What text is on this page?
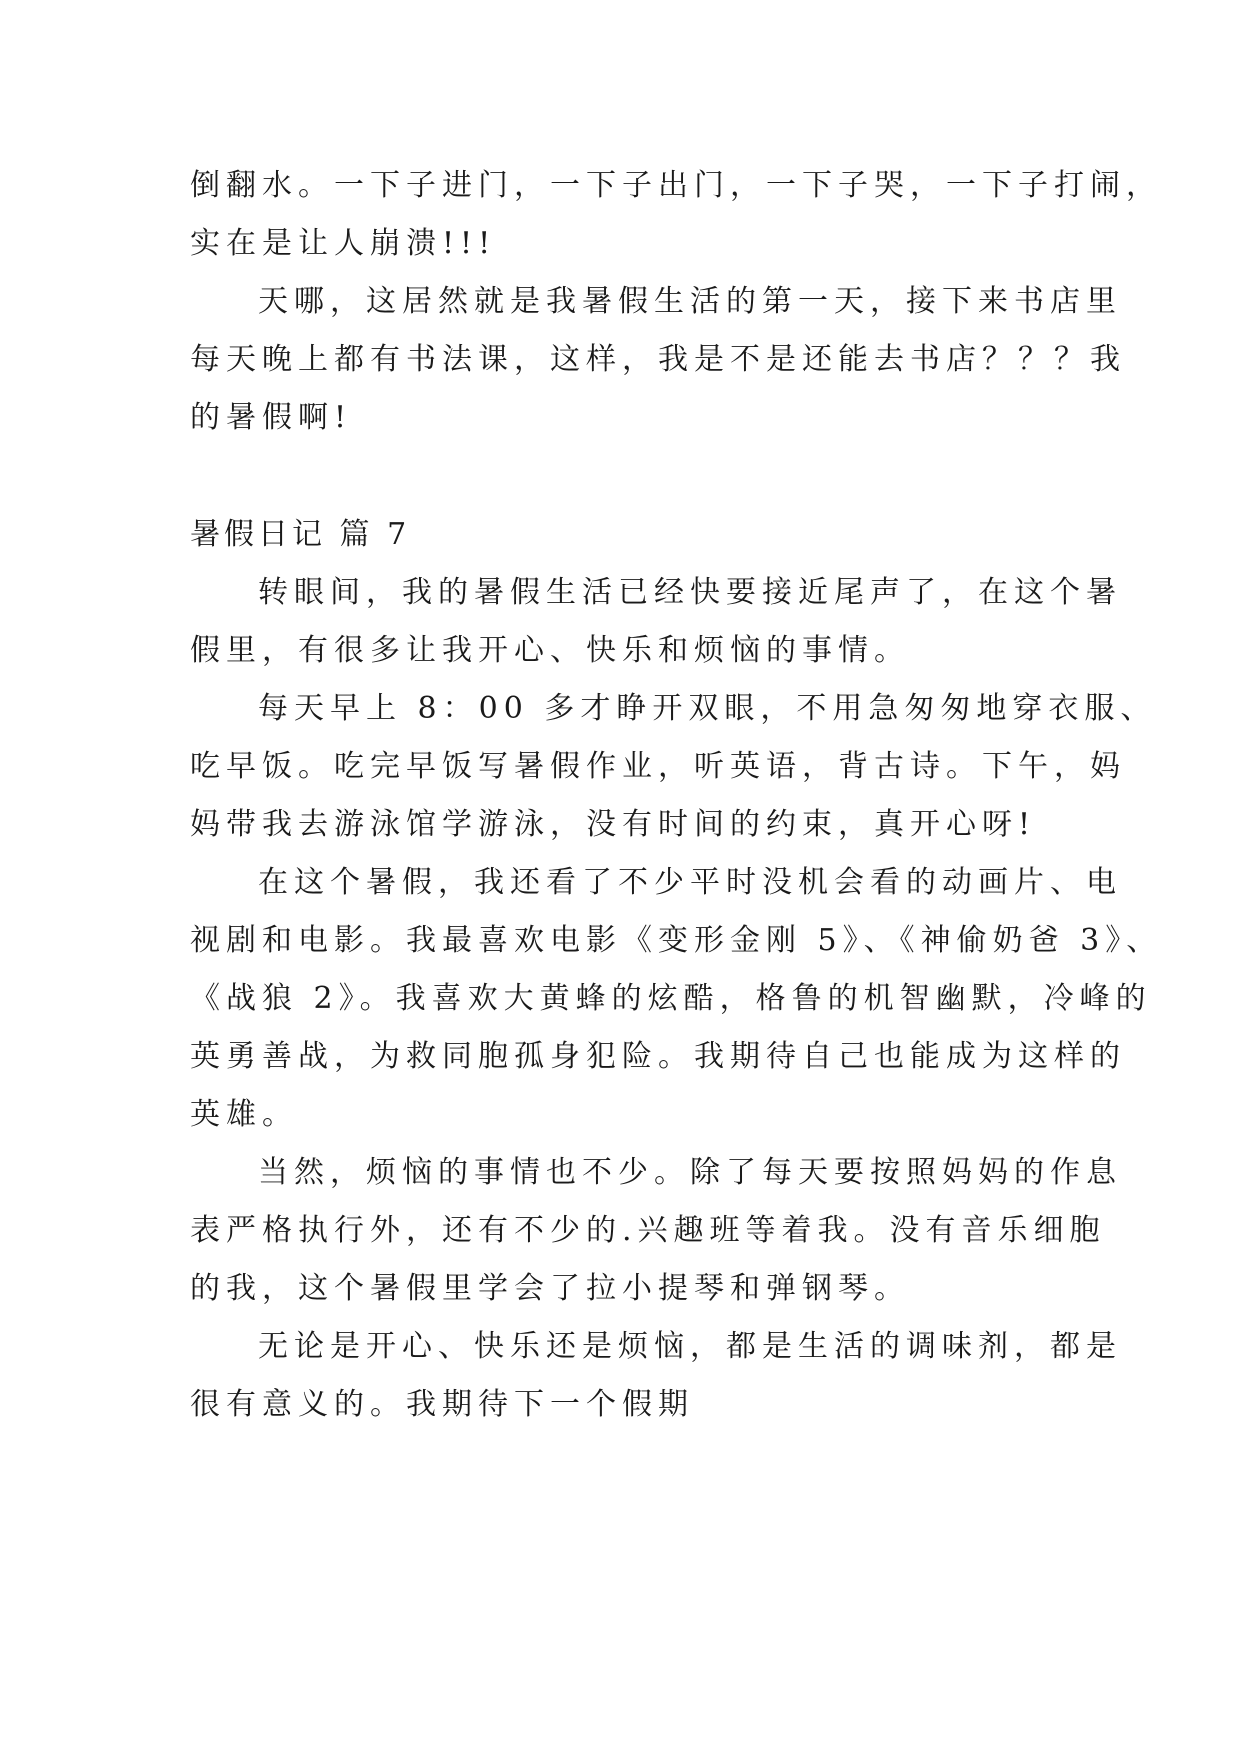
倒翻水。一下子进门，一下子出门，一下子哭，一下子打闹，
实在是让人崩溃!!!
天哪，这居然就是我暑假生活的第一天，接下来书店里
每天晚上都有书法课，这样，我是不是还能去书店？？？我
的暑假啊!
暑假日记 篇 7
转眼间，我的暑假生活已经快要接近尾声了，在这个暑
假里，有很多让我开心、快乐和烦恼的事情。
每天早上 8：00 多才睁开双眼，不用急匆匆地穿衣服、
吃早饭。吃完早饭写暑假作业，听英语，背古诗。下午，妈
妈带我去游泳馆学游泳，没有时间的约束，真开心呀!
在这个暑假，我还看了不少平时没机会看的动画片、电
视剧和电影。我最喜欢电影《变形金刚 5》、《神偷奶爸 3》、
《战狼 2》。我喜欢大黄蜂的炫酷，格鲁的机智幽默，冷峰的
英勇善战，为救同胞孤身犯险。我期待自己也能成为这样的
英雄。
当然，烦恼的事情也不少。除了每天要按照妈妈的作息
表严格执行外，还有不少的.兴趣班等着我。没有音乐细胞
的我，这个暑假里学会了拉小提琴和弹钢琴。
无论是开心、快乐还是烦恼，都是生活的调味剂，都是
很有意义的。我期待下一个假期
